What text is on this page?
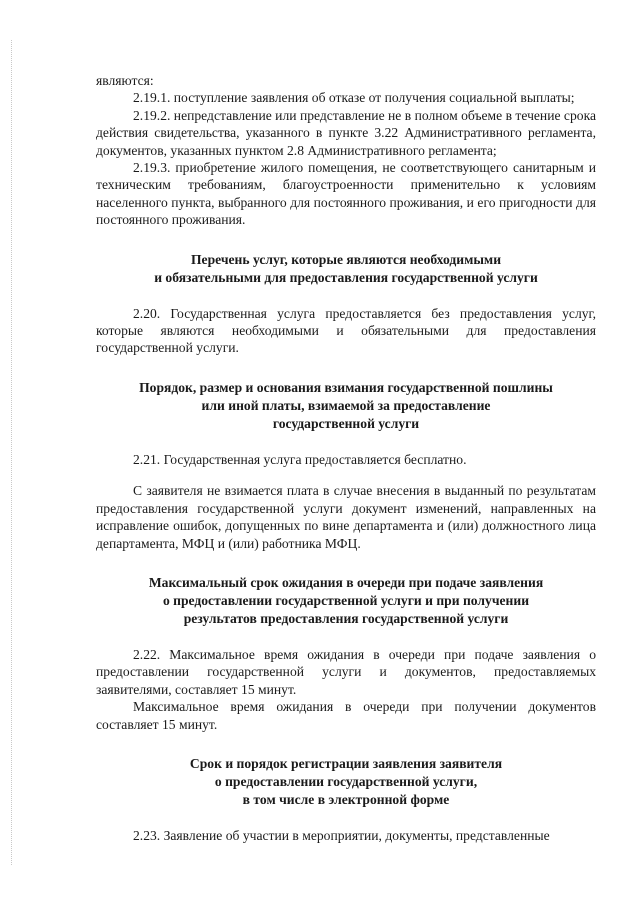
являются:

2.19.1. поступление заявления об отказе от получения социальной выплаты;

2.19.2. непредставление или представление не в полном объеме в течение срока действия свидетельства, указанного в пункте 3.22 Административного регламента, документов, указанных пунктом 2.8 Административного регламента;

2.19.3. приобретение жилого помещения, не соответствующего санитарным и техническим требованиям, благоустроенности применительно к условиям населенного пункта, выбранного для постоянного проживания, и его пригодности для постоянного проживания.

Перечень услуг, которые являются необходимыми
и обязательными для предоставления государственной услуги

2.20. Государственная услуга предоставляется без предоставления услуг, которые являются необходимыми и обязательными для предоставления государственной услуги.

Порядок, размер и основания взимания государственной пошлины
или иной платы, взимаемой за предоставление
государственной услуги

2.21. Государственная услуга предоставляется бесплатно.

С заявителя не взимается плата в случае внесения в выданный по результатам предоставления государственной услуги документ изменений, направленных на исправление ошибок, допущенных по вине департамента и (или) должностного лица департамента, МФЦ и (или) работника МФЦ.

Максимальный срок ожидания в очереди при подаче заявления
о предоставлении государственной услуги и при получении
результатов предоставления государственной услуги

2.22. Максимальное время ожидания в очереди при подаче заявления о предоставлении государственной услуги и документов, предоставляемых заявителями, составляет 15 минут.

Максимальное время ожидания в очереди при получении документов составляет 15 минут.

Срок и порядок регистрации заявления заявителя
о предоставлении государственной услуги,
в том числе в электронной форме

2.23. Заявление об участии в мероприятии, документы, представленные
